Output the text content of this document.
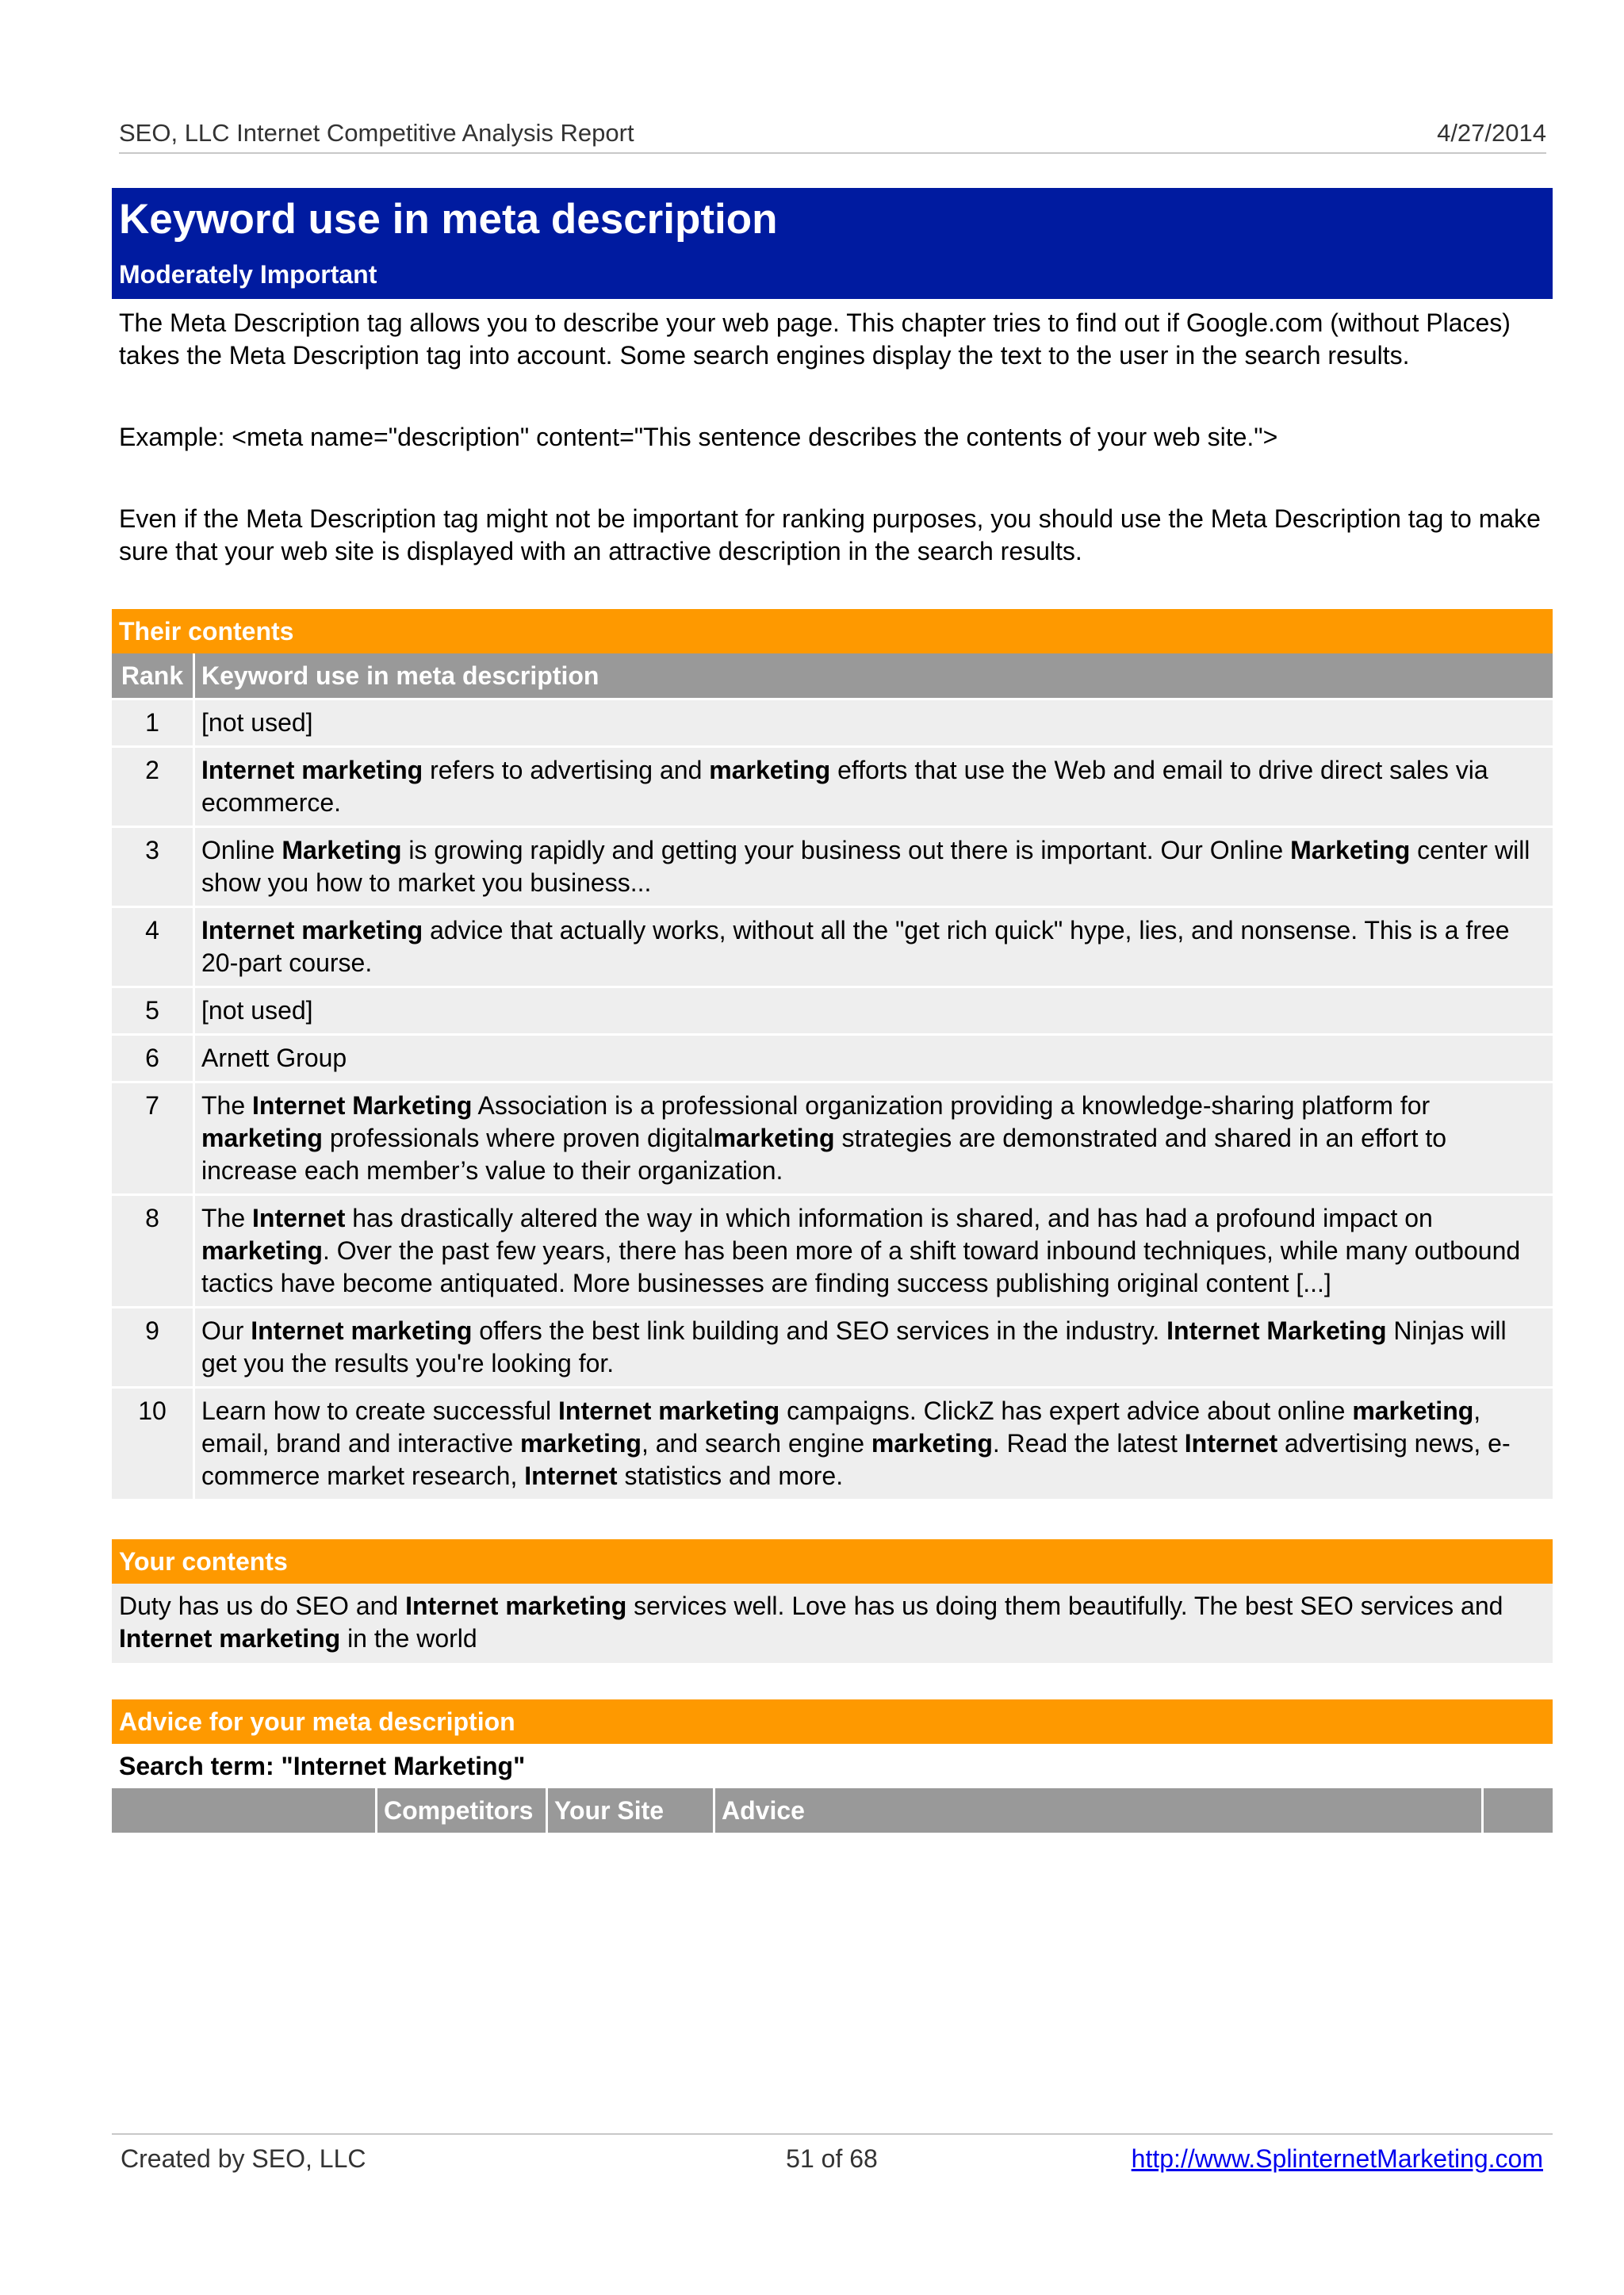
SEO, LLC Internet Competitive Analysis Report	4/27/2014
Keyword use in meta description
Moderately Important

The Meta Description tag allows you to describe your web page. This chapter tries to find out if Google.com (without Places) takes the Meta Description tag into account. Some search engines display the text to the user in the search results.

Example: <meta name="description" content="This sentence describes the contents of your web site.">

Even if the Meta Description tag might not be important for ranking purposes, you should use the Meta Description tag to make sure that your web site is displayed with an attractive description in the search results.

Their contents
Rank	Keyword use in meta description
1	[not used]
2	Internet marketing refers to advertising and marketing efforts that use the Web and email to drive direct sales via ecommerce.
3	Online Marketing is growing rapidly and getting your business out there is important. Our Online Marketing center will show you how to market you business...
4	Internet marketing advice that actually works, without all the "get rich quick" hype, lies, and nonsense. This is a free 20-part course.
5	[not used]
6	Arnett Group
7	The Internet Marketing Association is a professional organization providing a knowledge-sharing platform for marketing professionals where proven digitalmarketing strategies are demonstrated and shared in an effort to increase each member’s value to their organization.
8	The Internet has drastically altered the way in which information is shared, and has had a profound impact on marketing. Over the past few years, there has been more of a shift toward inbound techniques, while many outbound tactics have become antiquated. More businesses are finding success publishing original content [...]
9	Our Internet marketing offers the best link building and SEO services in the industry. Internet Marketing Ninjas will get you the results you're looking for.
10	Learn how to create successful Internet marketing campaigns. ClickZ has expert advice about online marketing, email, brand and interactive marketing, and search engine marketing. Read the latest Internet advertising news, e-commerce market research, Internet statistics and more.
Your contents
Duty has us do SEO and Internet marketing services well. Love has us doing them beautifully. The best SEO services and Internet marketing in the world
Advice for your meta description
Search term: "Internet Marketing"
	Competitors	Your Site	Advice	
Created by SEO, LLC	51 of 68	http://www.SplinternetMarketing.com
